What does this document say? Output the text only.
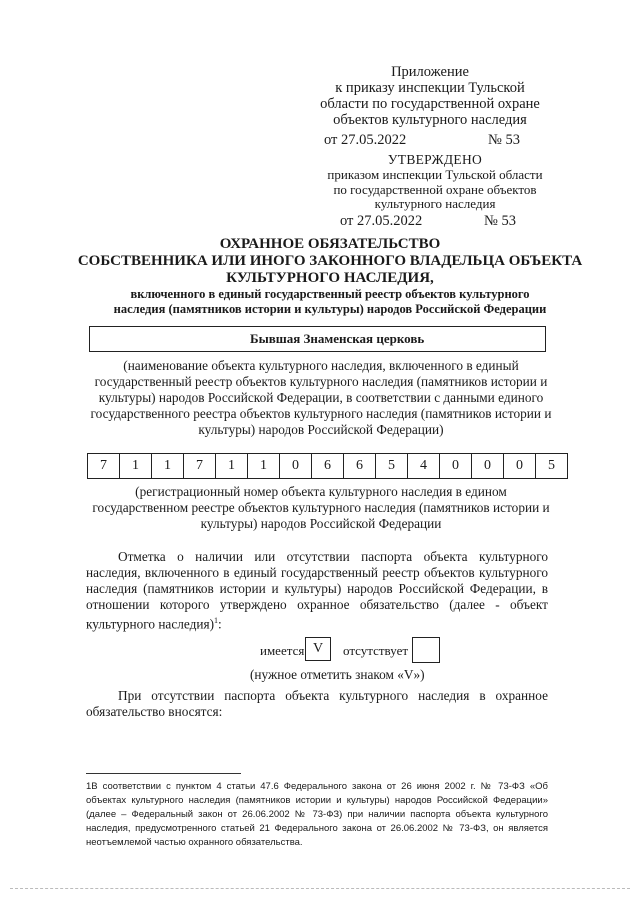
Приложение
к приказу инспекции Тульской
области по государственной охране
объектов культурного наследия
от 27.05.2022	№ 53
УТВЕРЖДЕНО
приказом инспекции Тульской области
по государственной охране объектов
культурного наследия
от 27.05.2022	№ 53
ОХРАННОЕ ОБЯЗАТЕЛЬСТВО
СОБСТВЕННИКА ИЛИ ИНОГО ЗАКОННОГО ВЛАДЕЛЬЦА ОБЪЕКТА
КУЛЬТУРНОГО НАСЛЕДИЯ,
включенного в единый государственный реестр объектов культурного
наследия (памятников истории и культуры) народов Российской Федерации
Бывшая Знаменская церковь
(наименование объекта культурного наследия, включенного в единый
государственный реестр объектов культурного наследия (памятников истории и
культуры) народов Российской Федерации, в соответствии с данными единого
государственного реестра объектов культурного наследия (памятников истории и
культуры) народов Российской Федерации)
7	1	1	7	1	1	0	6	6	5	4	0	0	0	5
(регистрационный номер объекта культурного наследия в едином
государственном реестре объектов культурного наследия (памятников истории и
культуры) народов Российской Федерации
Отметка о наличии или отсутствии паспорта объекта культурного наследия, включенного в единый государственный реестр объектов культурного наследия (памятников истории и культуры) народов Российской Федерации, в отношении которого утверждено охранное обязательство (далее - объект культурного наследия)$^1$:
имеется V	отсутствует
(нужное отметить знаком «V»)
При отсутствии паспорта объекта культурного наследия в охранное обязательство вносятся:
1В соответствии с пунктом 4 статьи 47.6 Федерального закона от 26 июня 2002 г. № 73-ФЗ «Об объектах культурного наследия (памятников истории и культуры) народов Российской Федерации» (далее – Федеральный закон от 26.06.2002 № 73-ФЗ) при наличии паспорта объекта культурного наследия, предусмотренного статьей 21 Федерального закона от 26.06.2002 № 73-ФЗ, он является неотъемлемой частью охранного обязательства.
